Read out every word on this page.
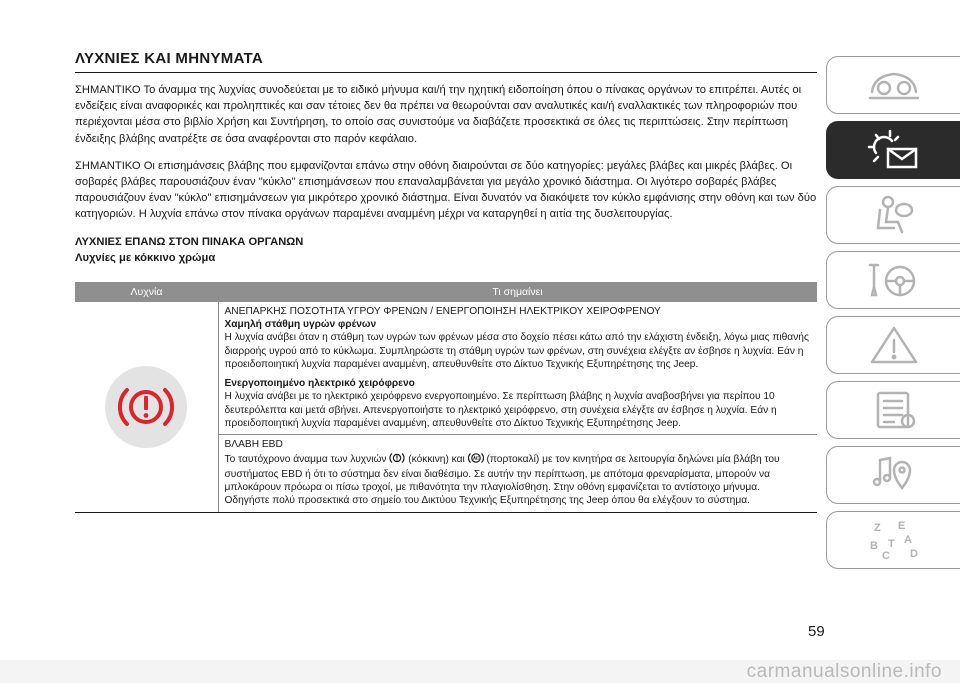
ΛΥΧΝΙΕΣ ΚΑΙ ΜΗΝΥΜΑΤΑ

ΣΗΜΑΝΤΙΚΟ Το άναμμα της λυχνίας συνοδεύεται με το ειδικό μήνυμα και/ή την ηχητική ειδοποίηση όπου ο πίνακας οργάνων το επιτρέπει. Αυτές οι ενδείξεις είναι αναφορικές και προληπτικές και σαν τέτοιες δεν θα πρέπει να θεωρούνται σαν αναλυτικές και/ή εναλλακτικές των πληροφοριών που περιέχονται μέσα στο βιβλίο Χρήση και Συντήρηση, το οποίο σας συνιστούμε να διαβάζετε προσεκτικά σε όλες τις περιπτώσεις. Στην περίπτωση ένδειξης βλάβης ανατρέξτε σε όσα αναφέρονται στο παρόν κεφάλαιο.

ΣΗΜΑΝΤΙΚΟ Οι επισημάνσεις βλάβης που εμφανίζονται επάνω στην οθόνη διαιρούνται σε δύο κατηγορίες: μεγάλες βλάβες και μικρές βλάβες. Οι σοβαρές βλάβες παρουσιάζουν έναν "κύκλο" επισημάνσεων που επαναλαμβάνεται για μεγάλο χρονικό διάστημα. Οι λιγότερο σοβαρές βλάβες παρουσιάζουν έναν "κύκλο" επισημάνσεων για μικρότερο χρονικό διάστημα. Είναι δυνατόν να διακόψετε τον κύκλο εμφάνισης στην οθόνη και των δύο κατηγοριών. Η λυχνία επάνω στον πίνακα οργάνων παραμένει αναμμένη μέχρι να καταργηθεί η αιτία της δυσλειτουργίας.

ΛΥΧΝΙΕΣ ΕΠΑΝΩ ΣΤΟΝ ΠΙΝΑΚΑ ΟΡΓΑΝΩΝ
Λυχνίες με κόκκινο χρώμα
Λυχνία	Τι σημαίνει

ΑΝΕΠΑΡΚΗΣ ΠΟΣΟΤΗΤΑ ΥΓΡΟΥ ΦΡΕΝΩΝ / ΕΝΕΡΓΟΠΟΙΗΣΗ ΗΛΕΚΤΡΙΚΟΥ ΧΕΙΡΟΦΡΕΝΟΥ
Χαμηλή στάθμη υγρών φρένων
Η λυχνία ανάβει όταν η στάθμη των υγρών των φρένων μέσα στο δοχείο πέσει κάτω από την ελάχιστη ένδειξη, λόγω μιας πιθανής διαρροής υγρού από το κύκλωμα. Συμπληρώστε τη στάθμη υγρών των φρένων, στη συνέχεια ελέγξτε αν έσβησε η λυχνία. Εάν η προειδοποιητική λυχνία παραμένει αναμμένη, απευθυνθείτε στο Δίκτυο Τεχνικής Εξυπηρέτησης της Jeep.
Ενεργοποιημένο ηλεκτρικό χειρόφρενο
Η λυχνία ανάβει με το ηλεκτρικό χειρόφρενο ενεργοποιημένο. Σε περίπτωση βλάβης η λυχνία αναβοσβήνει για περίπου 10 δευτερόλεπτα και μετά σβήνει. Απενεργοποιήστε το ηλεκτρικό χειρόφρενο, στη συνέχεια ελέγξτε αν έσβησε η λυχνία. Εάν η προειδοποιητική λυχνία παραμένει αναμμένη, απευθυνθείτε στο Δίκτυο Τεχνικής Εξυπηρέτησης Jeep.

	ΒΛΑΒΗ EBD
Το ταυτόχρονο άναμμα των λυχνιών (κόκκινη) και (πορτοκαλί) με τον κινητήρα σε λειτουργία δηλώνει μία βλάβη του συστήματος EBD ή ότι το σύστημα δεν είναι διαθέσιμο. Σε αυτήν την περίπτωση, με απότομα φρεναρίσματα, μπορούν να μπλοκάρουν πρόωρα οι πίσω τροχοί, με πιθανότητα την πλαγιολίσθηση. Στην οθόνη εμφανίζεται το αντίστοιχο μήνυμα.
Οδηγήστε πολύ προσεκτικά στο σημείο του Δικτύου Τεχνικής Εξυπηρέτησης της Jeep όπου θα ελέγξουν το σύστημα.
Z E
A
B
C
T
D
59
carmanualsonline.info
